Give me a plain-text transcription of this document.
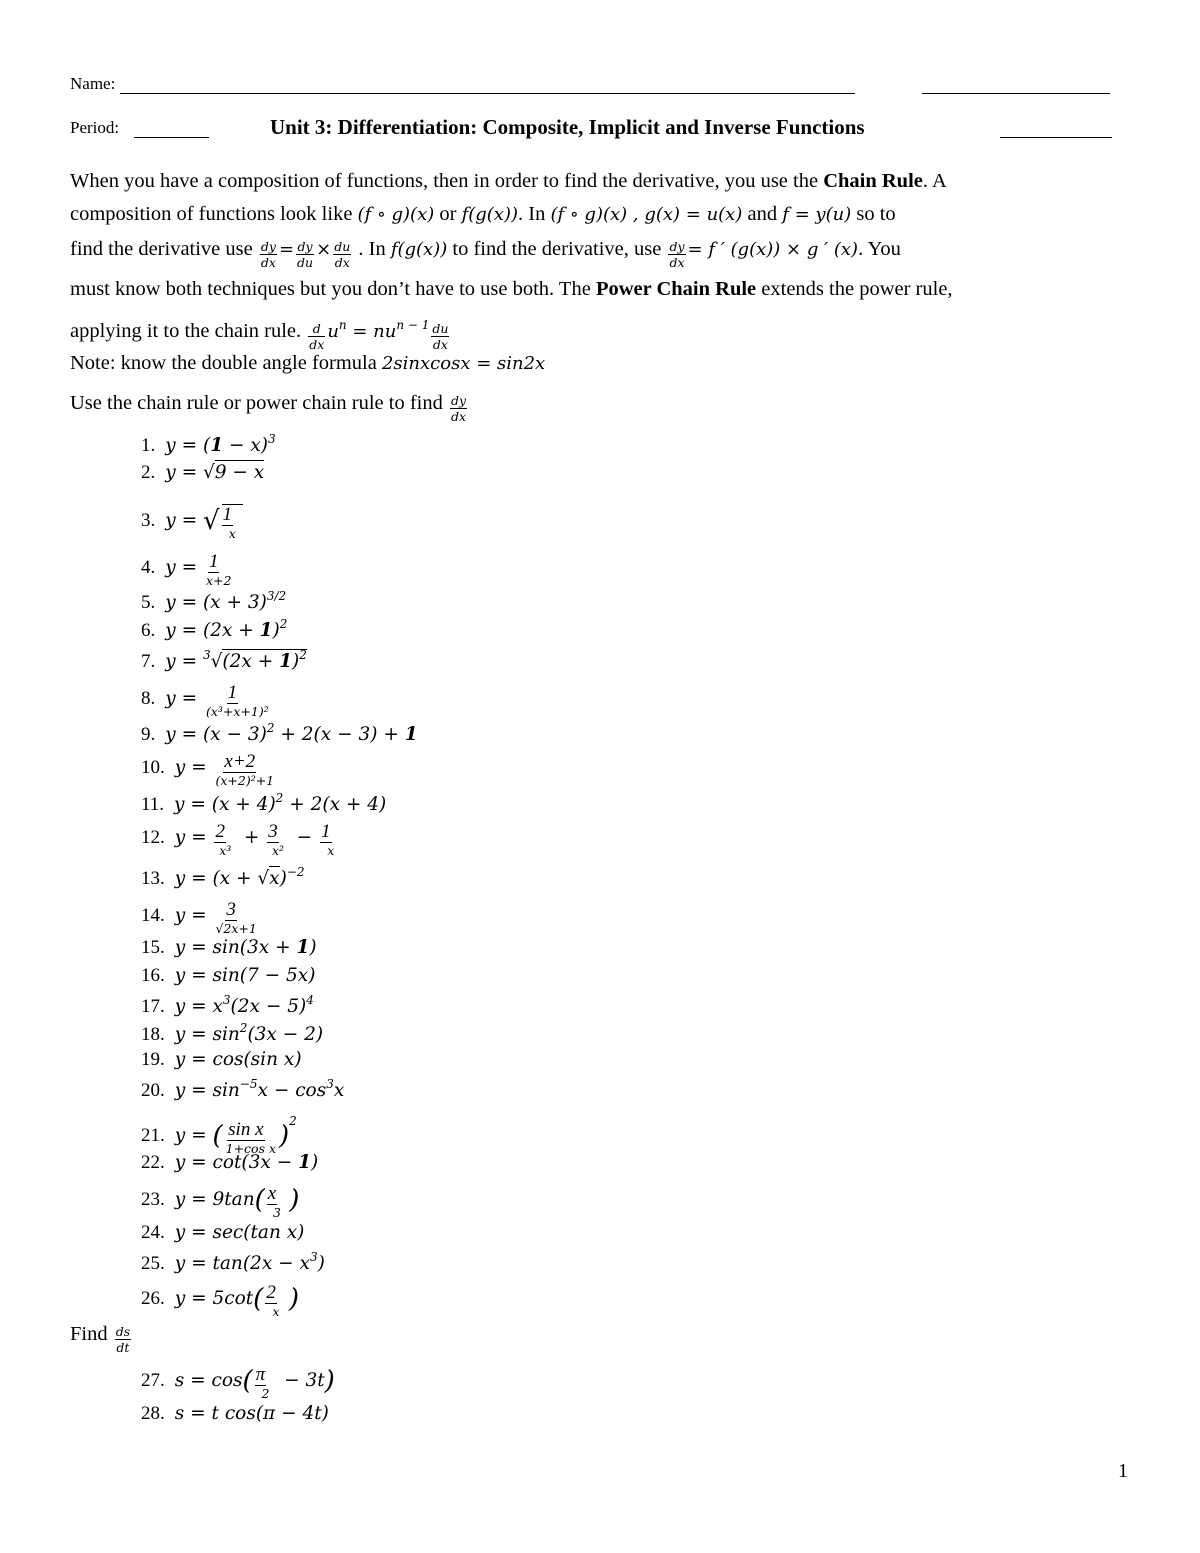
Name:
Period:	Unit 3: Differentiation: Composite, Implicit and Inverse Functions
When you have a composition of functions, then in order to find the derivative, you use the Chain Rule. A
composition of functions look like (f ∘ g)(x) or f(g(x)). In (f ∘ g)(x) , g(x) = u(x) and f = y(u) so to
find the derivative use $\frac{dy}{dx} = \frac{dy}{du} \times \frac{du}{dx}$ . In f(g(x)) to find the derivative, use $\frac{dy}{dx} = f$ ′ (g(x)) × g ′ (x). You
must know both techniques but you don’t have to use both. The Power Chain Rule extends the power rule,
applying it to the chain rule. $\frac{d}{dx} u^n = nu^{n - 1} \frac{du}{dx}$
Note: know the double angle formula 2sinxcosx = sin2x
Use the chain rule or power chain rule to find $\frac{dy}{dx}$
1. $y = (1 - x)^3$
2. y = √9 − x
3. y = √ $\frac{1}{x}$
4. $y = \frac{1}{x+2}$
5. $y = (x + 3)^{3/2}$
6. $y = (2x + 1)^2$
7. $y = ^3√(2x + 1)^2$
8. $y = \frac{1}{\text{(x³+x+1)²}}$
9. $y = (x - 3)^2 + 2(x - 3) + 1$
10. $y = \frac{x+2}{\text{(x+2)²+1}}$
11. $y = (x + 4)^2 + 2(x + 4)$
12. $y = \frac{2}{\text{x³}} + \frac{3}{\text{x²}} - \frac{1}{x}$
13. $y = (x + √x)^{-2}$
14. $y = \frac{3}{√2x+1}$
15. y = sin(3x + 1)
16. y = sin(7 − 5x)
17. $y = x^3(2x - 5)^4$
18. $y = \sin^2(3x - 2)$
19. y = cos(sin x)
20. $y = \sin^{-5}x - \cos^3x$
21. y = ( $\frac{\text{sin x}}{\text{1+cos x}} )^2$
22. y = cot(3x − 1)
23. $y = 9\tan( \frac{x}{3}$ )
24. y = sec(tan x)
25. $y = \tan(2x - x^3)$
26. $y = 5\cot( \frac{2}{x}$ )
Find $\frac{ds}{dt}$
27. $s = \cos( \frac{\pi}{2} - 3t)$
28. s = t cos(π − 4t)
1
